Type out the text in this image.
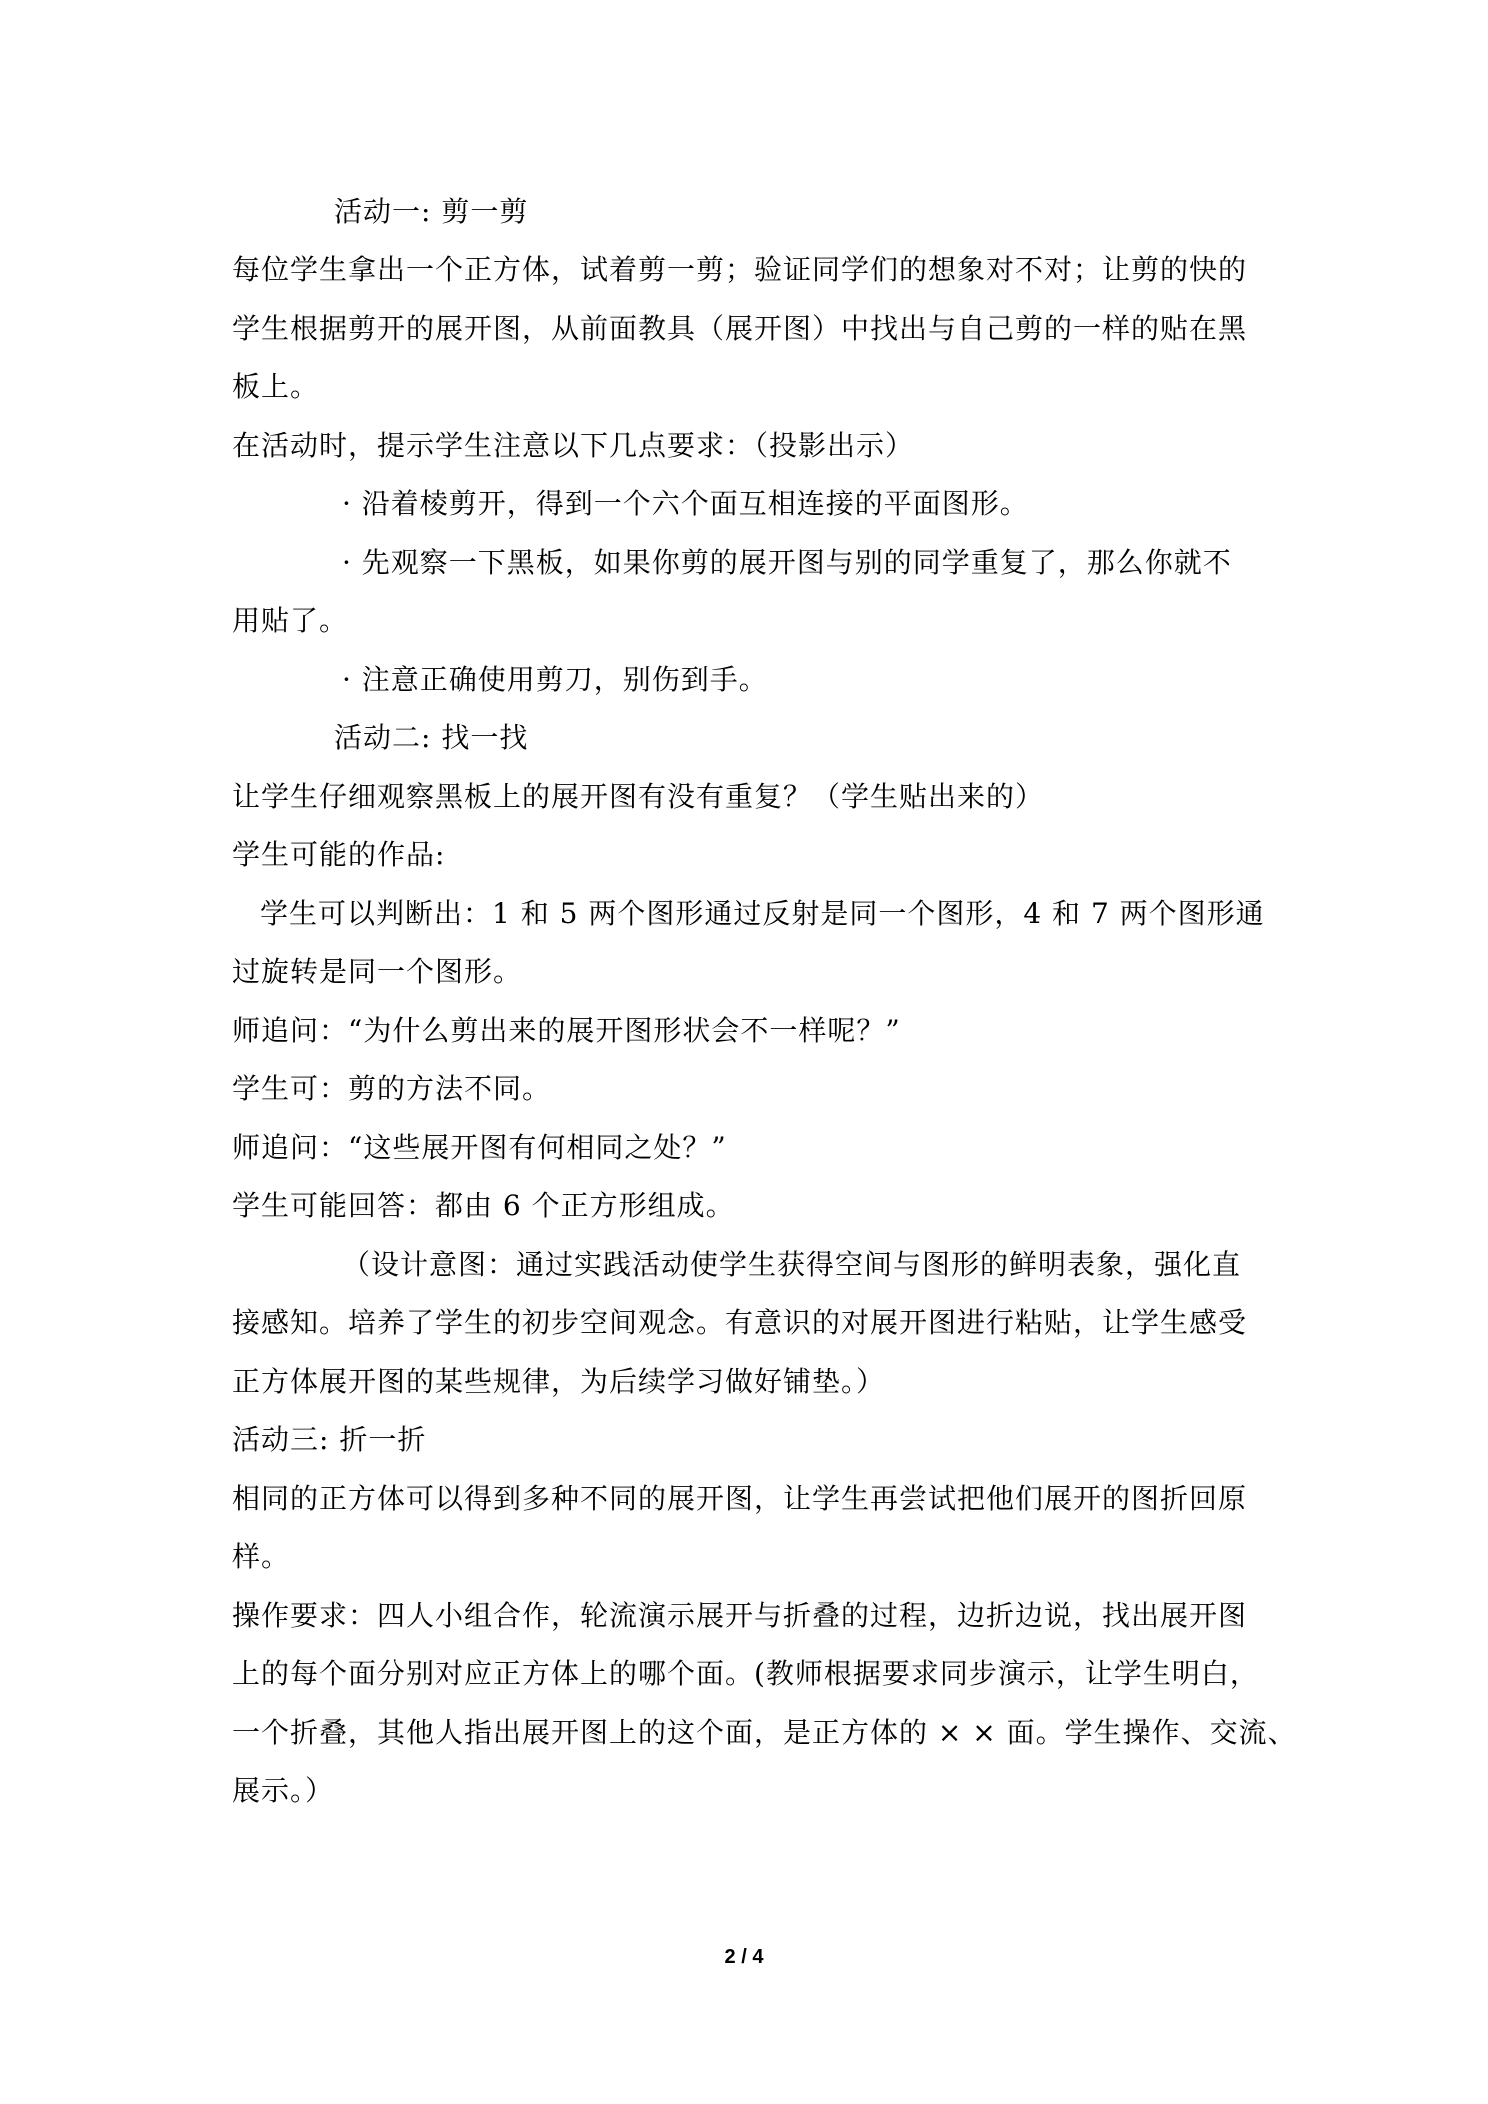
活动一: 剪一剪
每位学生拿出一个正方体，试着剪一剪；验证同学们的想象对不对；让剪的快的
学生根据剪开的展开图，从前面教具（展开图）中找出与自己剪的一样的贴在黑
板上。
在活动时，提示学生注意以下几点要求：（投影出示）
· 沿着棱剪开，得到一个六个面互相连接的平面图形。
· 先观察一下黑板，如果你剪的展开图与别的同学重复了，那么你就不
用贴了。
· 注意正确使用剪刀，别伤到手。
活动二: 找一找
让学生仔细观察黑板上的展开图有没有重复？（学生贴出来的）
学生可能的作品:
学生可以判断出：1 和 5 两个图形通过反射是同一个图形，4 和 7 两个图形通
过旋转是同一个图形。
师追问：“为什么剪出来的展开图形状会不一样呢？”
学生可：剪的方法不同。
师追问：“这些展开图有何相同之处？”
学生可能回答：都由 6 个正方形组成。
（设计意图：通过实践活动使学生获得空间与图形的鲜明表象，强化直
接感知。培养了学生的初步空间观念。有意识的对展开图进行粘贴，让学生感受
正方体展开图的某些规律，为后续学习做好铺垫。）
活动三: 折一折
相同的正方体可以得到多种不同的展开图，让学生再尝试把他们展开的图折回原
样。
操作要求：四人小组合作，轮流演示展开与折叠的过程，边折边说，找出展开图
上的每个面分别对应正方体上的哪个面。(教师根据要求同步演示，让学生明白，
一个折叠，其他人指出展开图上的这个面，是正方体的 × × 面。学生操作、交流、
展示。）
2 / 4
